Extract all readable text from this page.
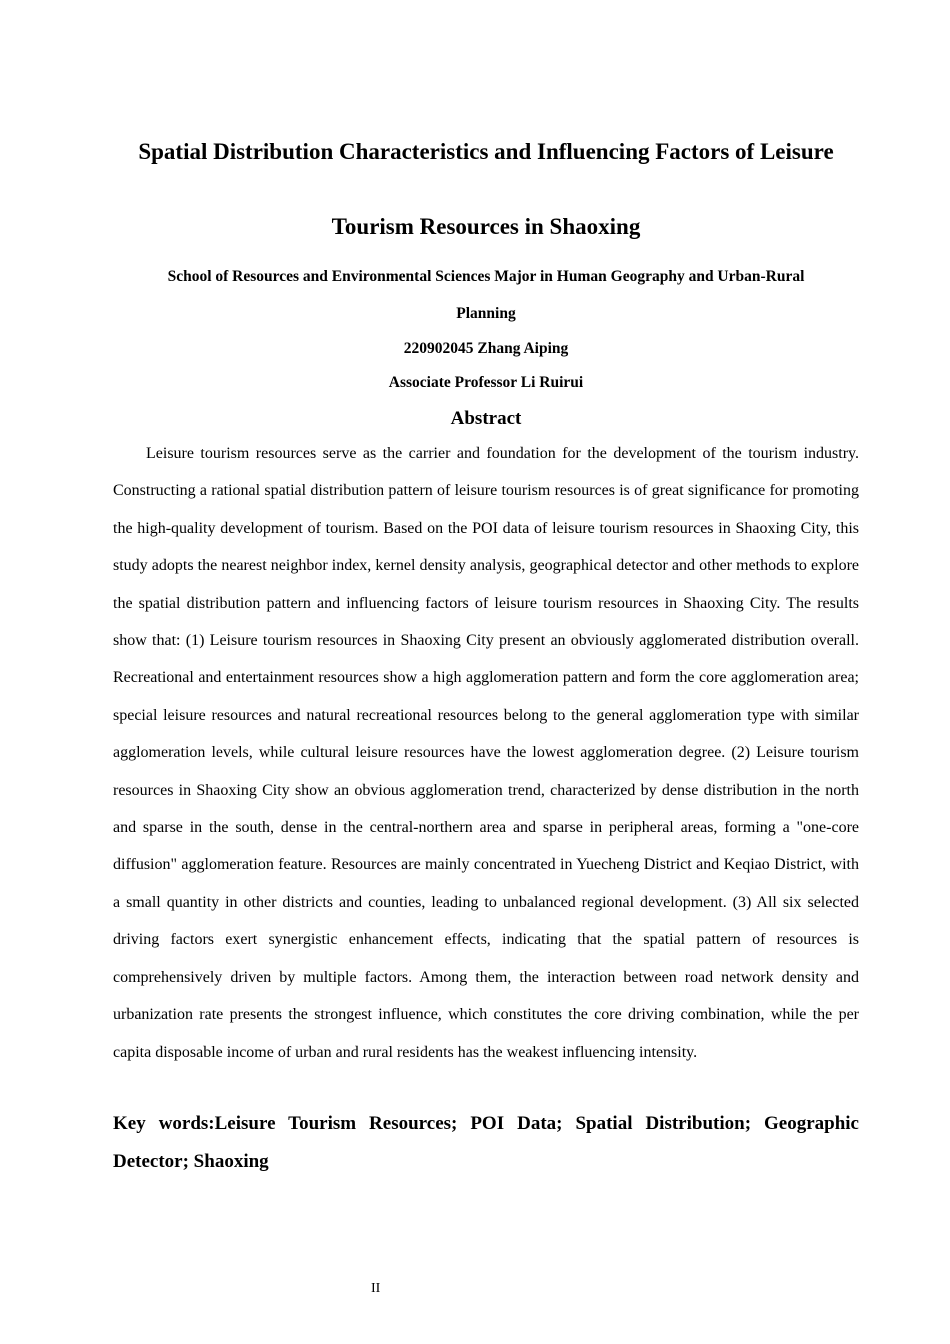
Spatial Distribution Characteristics and Influencing Factors of Leisure
Tourism Resources in Shaoxing
School of Resources and Environmental Sciences Major in Human Geography and Urban-Rural
Planning
220902045 Zhang Aiping
Associate Professor Li Ruirui
Abstract

Leisure tourism resources serve as the carrier and foundation for the development of the tourism industry. Constructing a rational spatial distribution pattern of leisure tourism resources is of great significance for promoting the high-quality development of tourism. Based on the POI data of leisure tourism resources in Shaoxing City, this study adopts the nearest neighbor index, kernel density analysis, geographical detector and other methods to explore the spatial distribution pattern and influencing factors of leisure tourism resources in Shaoxing City. The results show that: (1) Leisure tourism resources in Shaoxing City present an obviously agglomerated distribution overall. Recreational and entertainment resources show a high agglomeration pattern and form the core agglomeration area; special leisure resources and natural recreational resources belong to the general agglomeration type with similar agglomeration levels, while cultural leisure resources have the lowest agglomeration degree. (2) Leisure tourism resources in Shaoxing City show an obvious agglomeration trend, characterized by dense distribution in the north and sparse in the south, dense in the central-northern area and sparse in peripheral areas, forming a "one-core diffusion" agglomeration feature. Resources are mainly concentrated in Yuecheng District and Keqiao District, with a small quantity in other districts and counties, leading to unbalanced regional development. (3) All six selected driving factors exert synergistic enhancement effects, indicating that the spatial pattern of resources is comprehensively driven by multiple factors. Among them, the interaction between road network density and urbanization rate presents the strongest influence, which constitutes the core driving combination, while the per capita disposable income of urban and rural residents has the weakest influencing intensity.

Key words:Leisure Tourism Resources; POI Data; Spatial Distribution; Geographic Detector; Shaoxing

II
